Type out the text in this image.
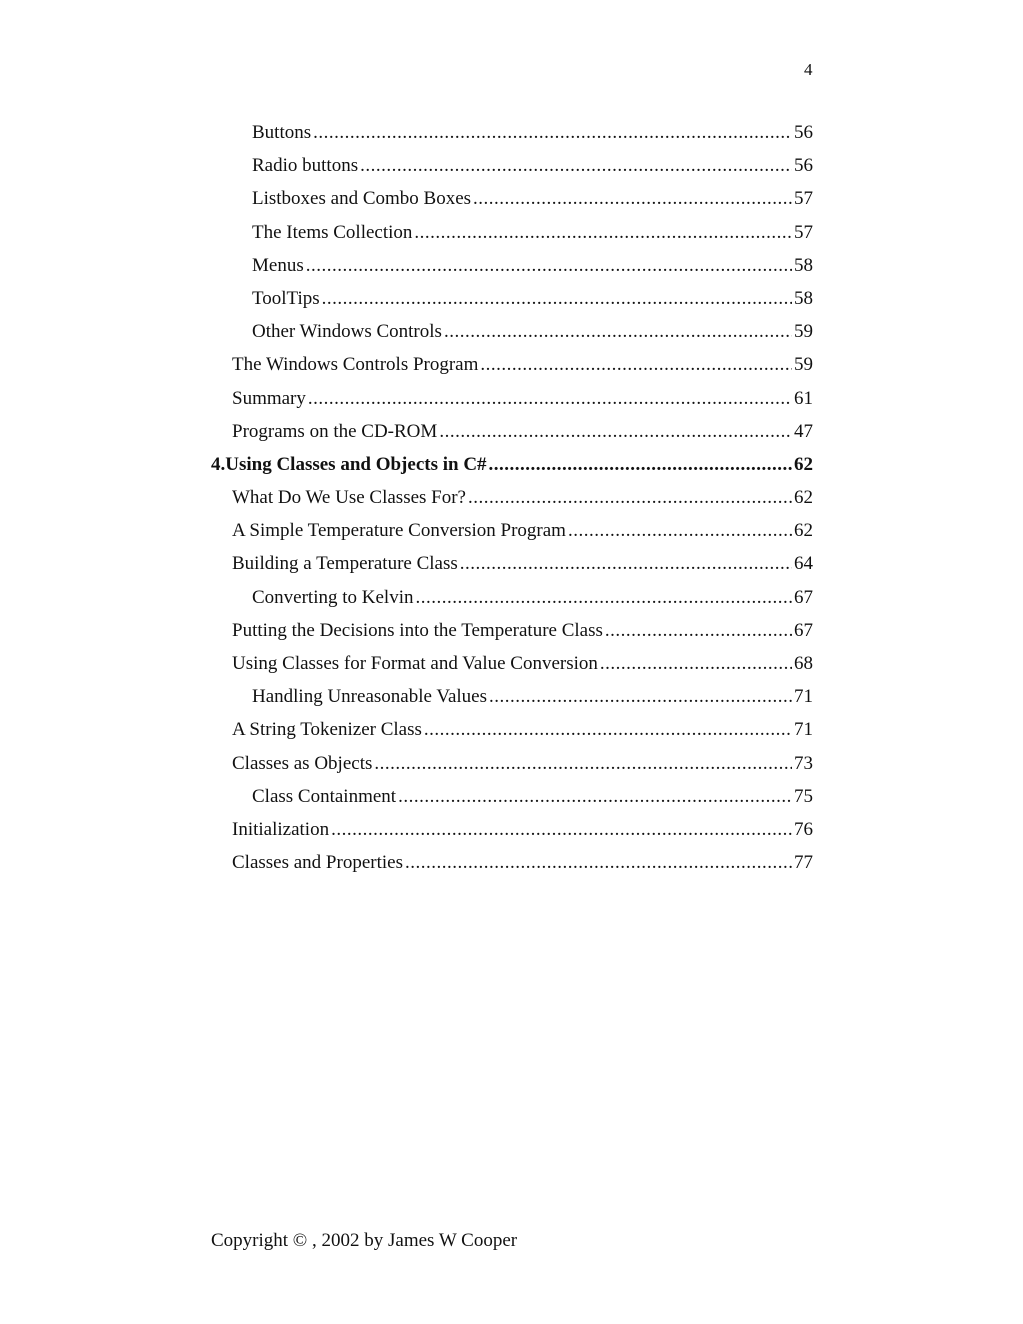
4
Buttons .....	56
Radio buttons .....	56
Listboxes and Combo Boxes .....	57
The Items Collection .....	57
Menus .....	58
ToolTips .....	58
Other Windows Controls .....	59
The Windows Controls Program .....	59
Summary .....	61
Programs on the CD-ROM .....	47
4. Using Classes and Objects in C# .....	62
What Do We Use Classes For? .....	62
A Simple Temperature Conversion Program .....	62
Building a Temperature Class .....	64
Converting to Kelvin .....	67
Putting the Decisions into the Temperature Class .....	67
Using Classes for Format and Value Conversion .....	68
Handling Unreasonable Values .....	71
A String Tokenizer Class .....	71
Classes as Objects .....	73
Class Containment .....	75
Initialization .....	76
Classes and Properties .....	77
Copyright © , 2002 by James W Cooper
